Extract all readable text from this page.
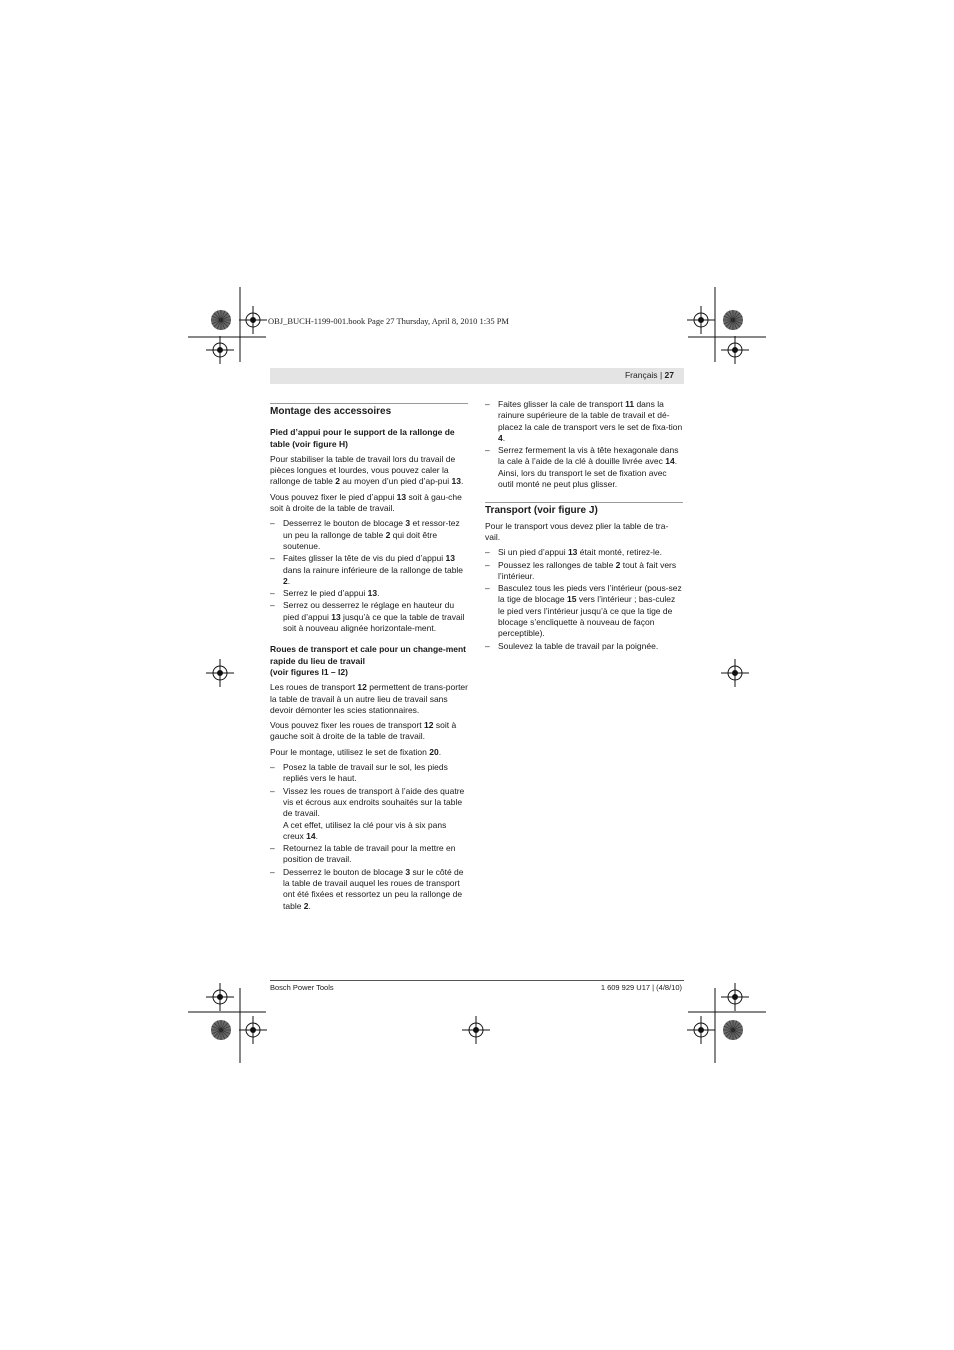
OBJ_BUCH-1199-001.book Page 27 Thursday, April 8, 2010 1:35 PM
Français | 27
Montage des accessoires
Pied d’appui pour le support de la rallonge de table (voir figure H)

Pour stabiliser la table de travail lors du travail de pièces longues et lourdes, vous pouvez caler la rallonge de table 2 au moyen d’un pied d’ap-pui 13.

Vous pouvez fixer le pied d’appui 13 soit à gau-che soit à droite de la table de travail.

– Desserrez le bouton de blocage 3 et ressor-tez un peu la rallonge de table 2 qui doit être soutenue.
– Faites glisser la tête de vis du pied d’appui 13 dans la rainure inférieure de la rallonge de table 2.
– Serrez le pied d’appui 13.
– Serrez ou desserrez le réglage en hauteur du pied d’appui 13 jusqu’à ce que la table de travail soit à nouveau alignée horizontale-ment.
Roues de transport et cale pour un change-ment rapide du lieu de travail
(voir figures I1 – I2)

Les roues de transport 12 permettent de trans-porter la table de travail à un autre lieu de travail sans devoir démonter les scies stationnaires.

Vous pouvez fixer les roues de transport 12 soit à gauche soit à droite de la table de travail.

Pour le montage, utilisez le set de fixation 20.

– Posez la table de travail sur le sol, les pieds repliés vers le haut.
– Vissez les roues de transport à l’aide des quatre vis et écrous aux endroits souhaités sur la table de travail.
A cet effet, utilisez la clé pour vis à six pans creux 14.
– Retournez la table de travail pour la mettre en position de travail.
– Desserrez le bouton de blocage 3 sur le côté de la table de travail auquel les roues de transport ont été fixées et ressortez un peu la rallonge de table 2.
– Faites glisser la cale de transport 11 dans la rainure supérieure de la table de travail et dé-placez la cale de transport vers le set de fixa-tion 4.
– Serrez fermement la vis à tête hexagonale dans la cale à l’aide de la clé à douille livrée avec 14.
Ainsi, lors du transport le set de fixation avec outil monté ne peut plus glisser.
Transport (voir figure J)

Pour le transport vous devez plier la table de tra-vail.

– Si un pied d’appui 13 était monté, retirez-le.
– Poussez les rallonges de table 2 tout à fait vers l’intérieur.
– Basculez tous les pieds vers l’intérieur (pous-sez la tige de blocage 15 vers l’intérieur ; bas-culez le pied vers l’intérieur jusqu’à ce que la tige de blocage s’encliquette à nouveau de façon perceptible).
– Soulevez la table de travail par la poignée.
Bosch Power Tools	1 609 929 U17 | (4/8/10)
